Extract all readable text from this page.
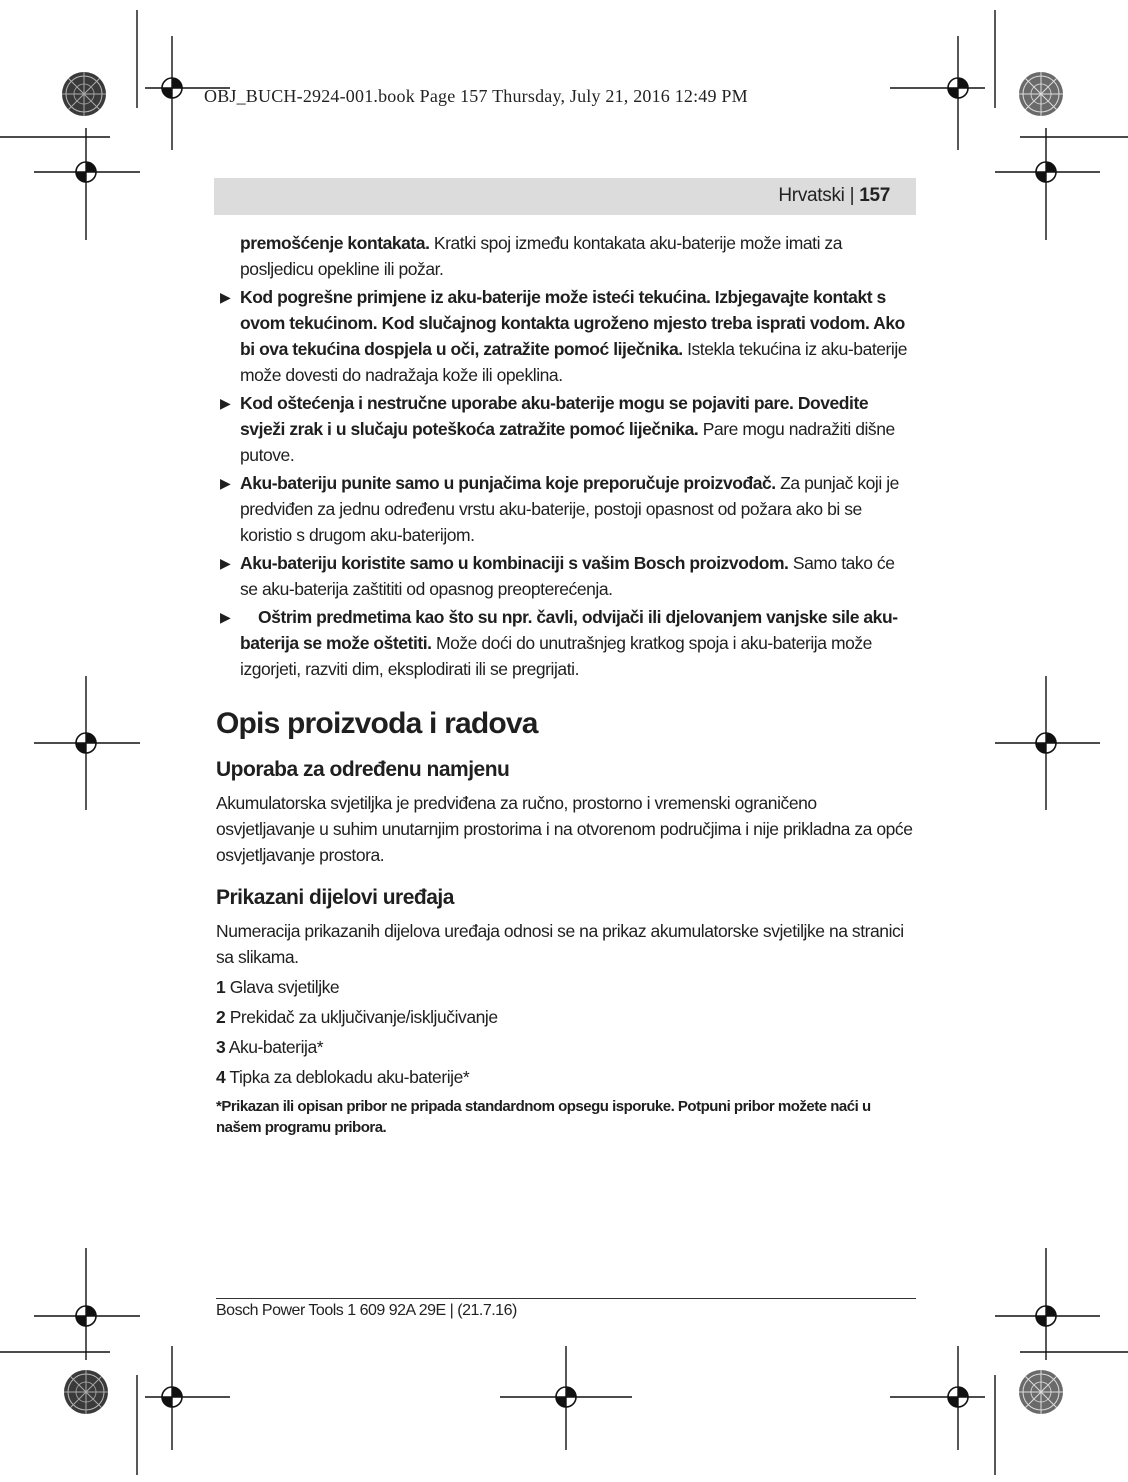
OBJ_BUCH-2924-001.book Page 157 Thursday, July 21, 2016 12:49 PM
Hrvatski | 157

premošćenje kontakata. Kratki spoj između kontakata aku-baterije može imati za posljedicu opekline ili požar.

▶ Kod pogrešne primjene iz aku-baterije može isteći tekućina. Izbjegavajte kontakt s ovom tekućinom. Kod slučajnog kontakta ugroženo mjesto treba isprati vodom. Ako bi ova tekućina dospjela u oči, zatražite pomoć liječnika. Istekla tekućina iz aku-baterije može dovesti do nadražaja kože ili opeklina.

▶ Kod oštećenja i nestručne uporabe aku-baterije mogu se pojaviti pare. Dovedite svježi zrak i u slučaju poteškoća zatražite pomoć liječnika. Pare mogu nadražiti dišne putove.

▶ Aku-bateriju punite samo u punjačima koje preporučuje proizvođač. Za punjač koji je predviđen za jednu određenu vrstu aku-baterije, postoji opasnost od požara ako bi se koristio s drugom aku-baterijom.

▶ Aku-bateriju koristite samo u kombinaciji s vašim Bosch proizvodom. Samo tako će se aku-baterija zaštititi od opasnog preopterećenja.

▶ Oštrim predmetima kao što su npr. čavli, odvijači ili djelovanjem vanjske sile aku-baterija se može oštetiti. Može doći do unutrašnjeg kratkog spoja i aku-baterija može izgorjeti, razviti dim, eksplodirati ili se pregrijati.

Opis proizvoda i radova
Uporaba za određenu namjenu

Akumulatorska svjetiljka je predviđena za ručno, prostorno i vremenski ograničeno osvjetljavanje u suhim unutarnjim prostorima i na otvorenom područjima i nije prikladna za opće osvjetljavanje prostora.

Prikazani dijelovi uređaja

Numeracija prikazanih dijelova uređaja odnosi se na prikaz akumulatorske svjetiljke na stranici sa slikama.

1 Glava svjetiljke

2 Prekidač za uključivanje/isključivanje

3 Aku-baterija*

4 Tipka za deblokadu aku-baterije*

*Prikazan ili opisan pribor ne pripada standardnom opsegu isporuke. Potpuni pribor možete naći u našem programu pribora.

Bosch Power Tools 1 609 92A 29E | (21.7.16)
